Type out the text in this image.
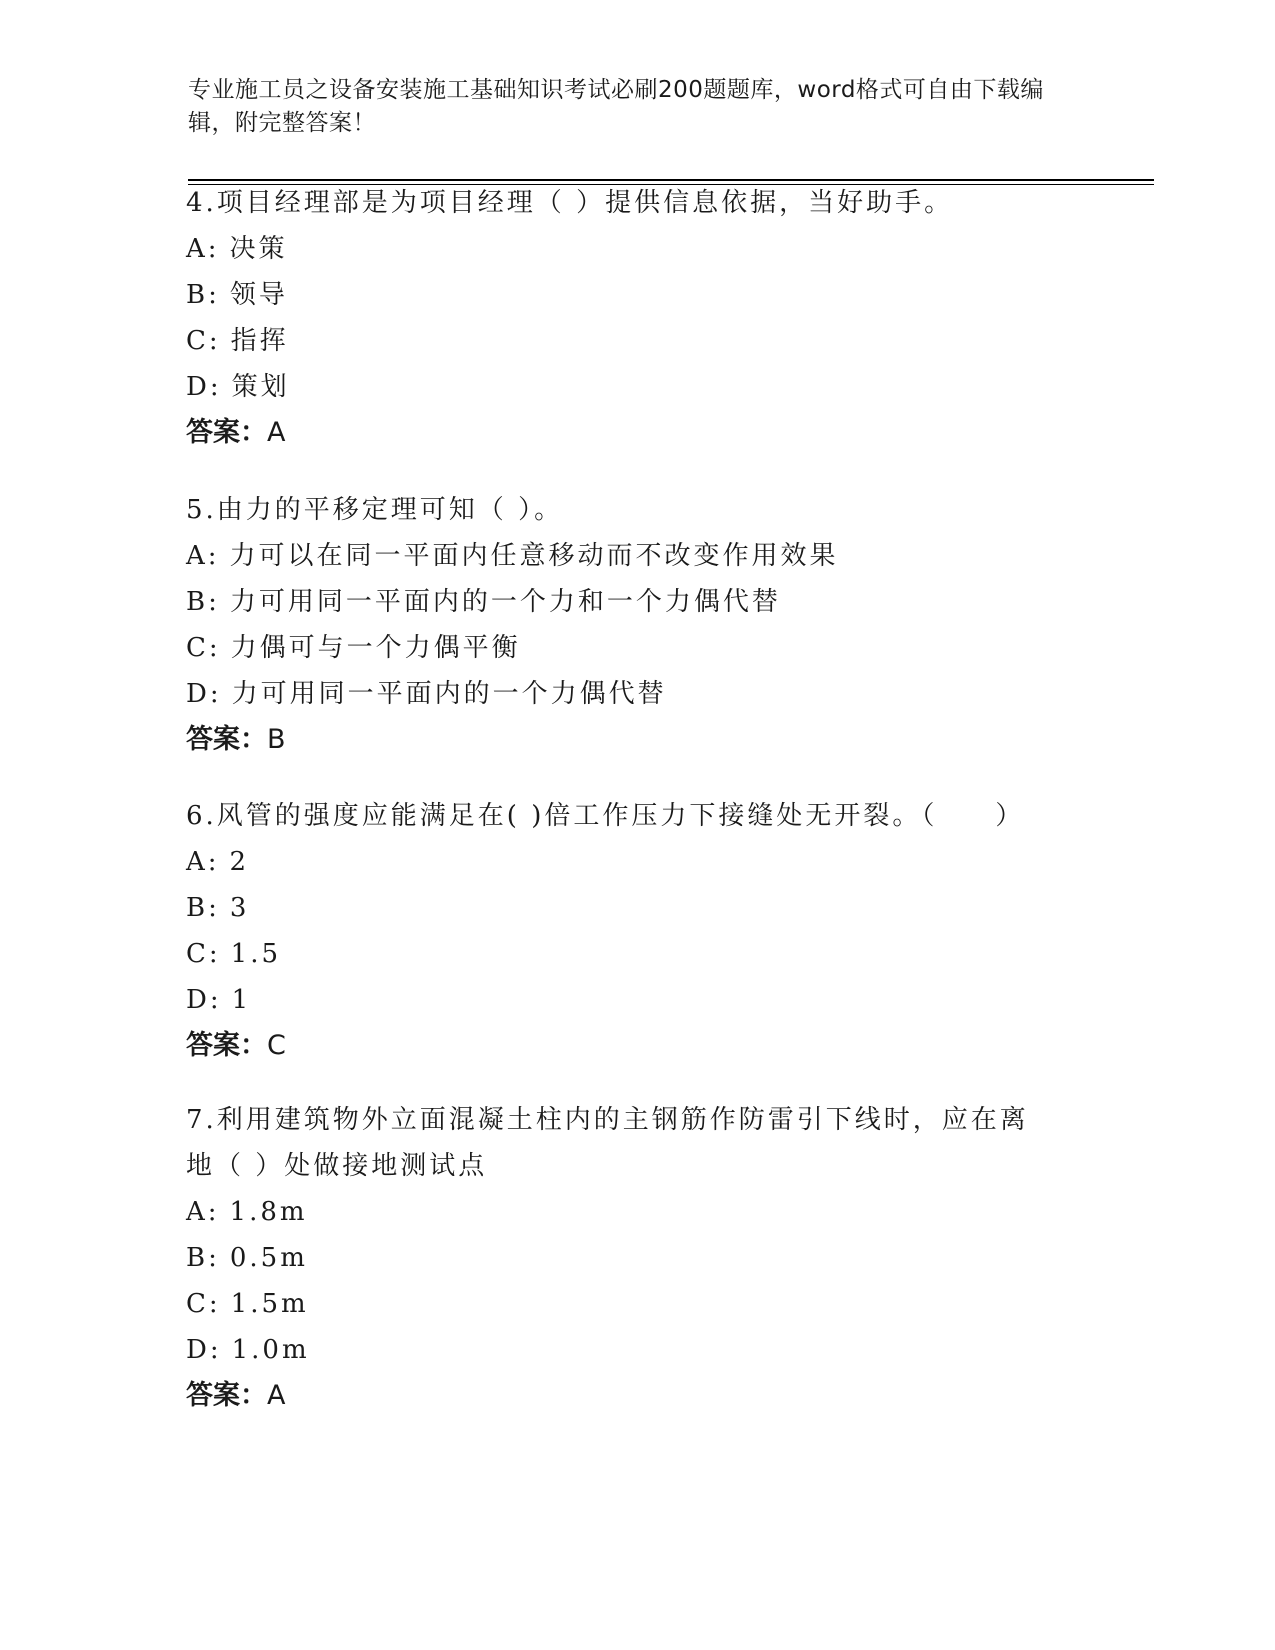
专业施工员之设备安装施工基础知识考试必刷200题题库，word格式可自由下载编辑，附完整答案！

4.项目经理部是为项目经理（ ）提供信息依据，当好助手。

A: 决策

B: 领导

C: 指挥

D: 策划

答案：A

5.由力的平移定理可知（ ）。

A: 力可以在同一平面内任意移动而不改变作用效果

B: 力可用同一平面内的一个力和一个力偶代替

C: 力偶可与一个力偶平衡

D: 力可用同一平面内的一个力偶代替

答案：B

6.风管的强度应能满足在( )倍工作压力下接缝处无开裂。（　　）

A: 2

B: 3

C: 1.5

D: 1

答案：C

7.利用建筑物外立面混凝土柱内的主钢筋作防雷引下线时，应在离地（ ）处做接地测试点

A: 1.8m

B: 0.5m

C: 1.5m

D: 1.0m

答案：A
